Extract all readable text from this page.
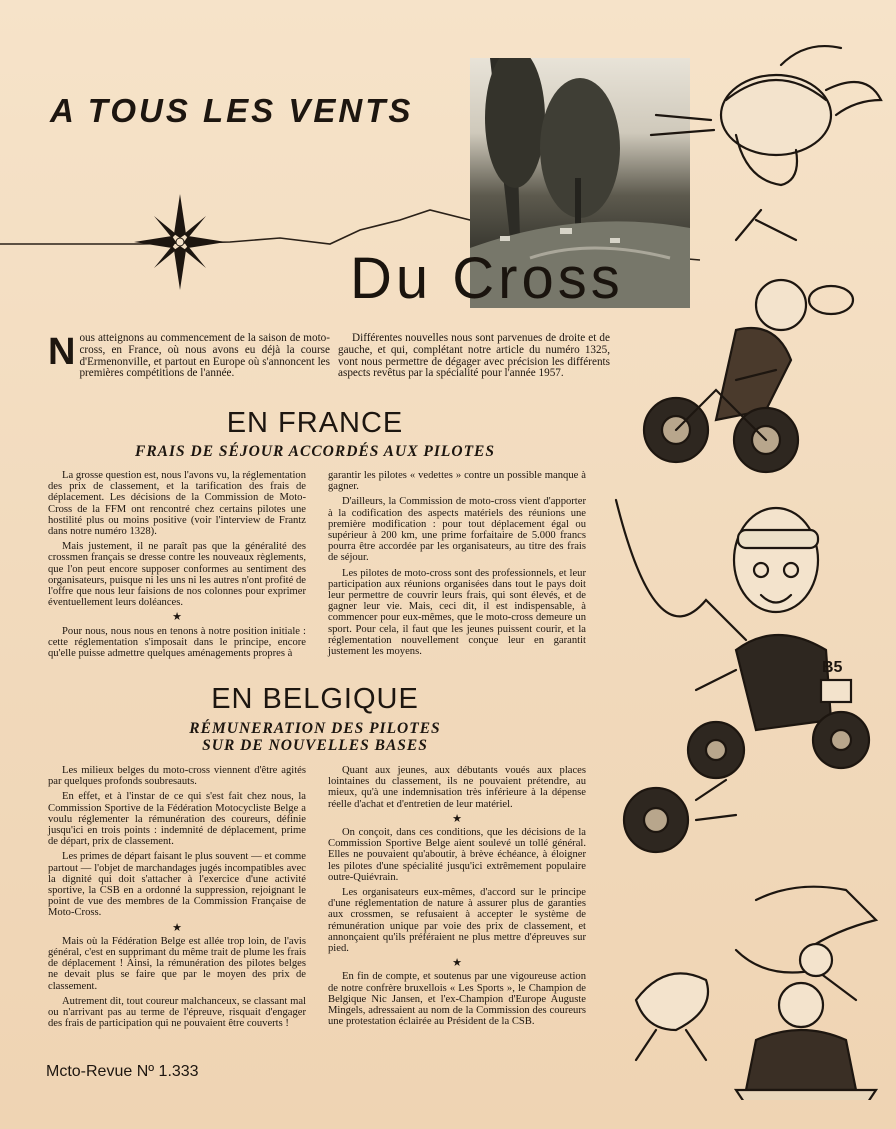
A TOUS LES VENTS
Du Cross
N ous atteignons au commencement de la saison de moto-cross, en France, où nous avons eu déjà la course d'Ermenonville, et partout en Europe où s'annoncent les premières compétitions de l'année.

Différentes nouvelles nous sont parvenues de droite et de gauche, et qui, complétant notre article du numéro 1325, vont nous permettre de dégager avec précision les différents aspects revêtus par la spécialité pour l'année 1957.

EN FRANCE
FRAIS DE SÉJOUR ACCORDÉS AUX PILOTES

La grosse question est, nous l'avons vu, la réglementation des prix de classement, et la tarification des frais de déplacement. Les décisions de la Commission de Moto-Cross de la FFM ont rencontré chez certains pilotes une hostilité plus ou moins positive (voir l'interview de Frantz dans notre numéro 1328).

Mais justement, il ne paraît pas que la généralité des crossmen français se dresse contre les nouveaux règlements, que l'on peut encore supposer conformes au sentiment des organisateurs, puisque ni les uns ni les autres n'ont profité de l'offre que nous leur faisions de nos colonnes pour exprimer éventuellement leurs doléances.

★

Pour nous, nous nous en tenons à notre position initiale : cette réglementation s'imposait dans le principe, encore qu'elle puisse admettre quelques aménagements propres à

garantir les pilotes « vedettes » contre un possible manque à gagner.

D'ailleurs, la Commission de moto-cross vient d'apporter à la codification des aspects matériels des réunions une première modification : pour tout déplacement égal ou supérieur à 200 km, une prime forfaitaire de 5.000 francs pourra être accordée par les organisateurs, au titre des frais de séjour.

Les pilotes de moto-cross sont des professionnels, et leur participation aux réunions organisées dans tout le pays doit leur permettre de couvrir leurs frais, qui sont élevés, et de gagner leur vie. Mais, ceci dit, il est indispensable, à commencer pour eux-mêmes, que le moto-cross demeure un sport. Pour cela, il faut que les jeunes puissent courir, et la réglementation nouvellement conçue leur en garantit justement les moyens.

EN BELGIQUE
RÉMUNERATION DES PILOTES
SUR DE NOUVELLES BASES

Les milieux belges du moto-cross viennent d'être agités par quelques profonds soubresauts.

En effet, et à l'instar de ce qui s'est fait chez nous, la Commission Sportive de la Fédération Motocycliste Belge a voulu réglementer la rémunération des coureurs, définie jusqu'ici en trois points : indemnité de déplacement, prime de départ, prix de classement.

Les primes de départ faisant le plus souvent — et comme partout — l'objet de marchandages jugés incompatibles avec la dignité qui doit s'attacher à l'exercice d'une activité sportive, la CSB en a ordonné la suppression, rejoignant le point de vue des membres de la Commission Française de Moto-Cross.

★

Mais où la Fédération Belge est allée trop loin, de l'avis général, c'est en supprimant du même trait de plume les frais de déplacement ! Ainsi, la rémunération des pilotes belges ne devait plus se faire que par le moyen des prix de classement.

Autrement dit, tout coureur malchanceux, se classant mal ou n'arrivant pas au terme de l'épreuve, risquait d'engager des frais de participation qui ne pouvaient être couverts !

Quant aux jeunes, aux débutants voués aux places lointaines du classement, ils ne pouvaient prétendre, au mieux, qu'à une indemnisation très inférieure à la dépense réelle d'achat et d'entretien de leur matériel.

★

On conçoit, dans ces conditions, que les décisions de la Commission Sportive Belge aient soulevé un tollé général. Elles ne pouvaient qu'aboutir, à brève échéance, à éloigner les pilotes d'une spécialité jusqu'ici extrêmement populaire outre-Quiévrain.

Les organisateurs eux-mêmes, d'accord sur le principe d'une réglementation de nature à assurer plus de garanties aux crossmen, se refusaient à accepter le système de rémunération unique par voie des prix de classement, et annonçaient qu'ils préféraient ne plus mettre d'épreuves sur pied.

★

En fin de compte, et soutenus par une vigoureuse action de notre confrère bruxellois « Les Sports », le Champion de Belgique Nic Jansen, et l'ex-Champion d'Europe Auguste Mingels, adressaient au nom de la Commission des coureurs une protestation éclairée au Président de la CSB.

B5
Mcto-Revue Nº 1.333
